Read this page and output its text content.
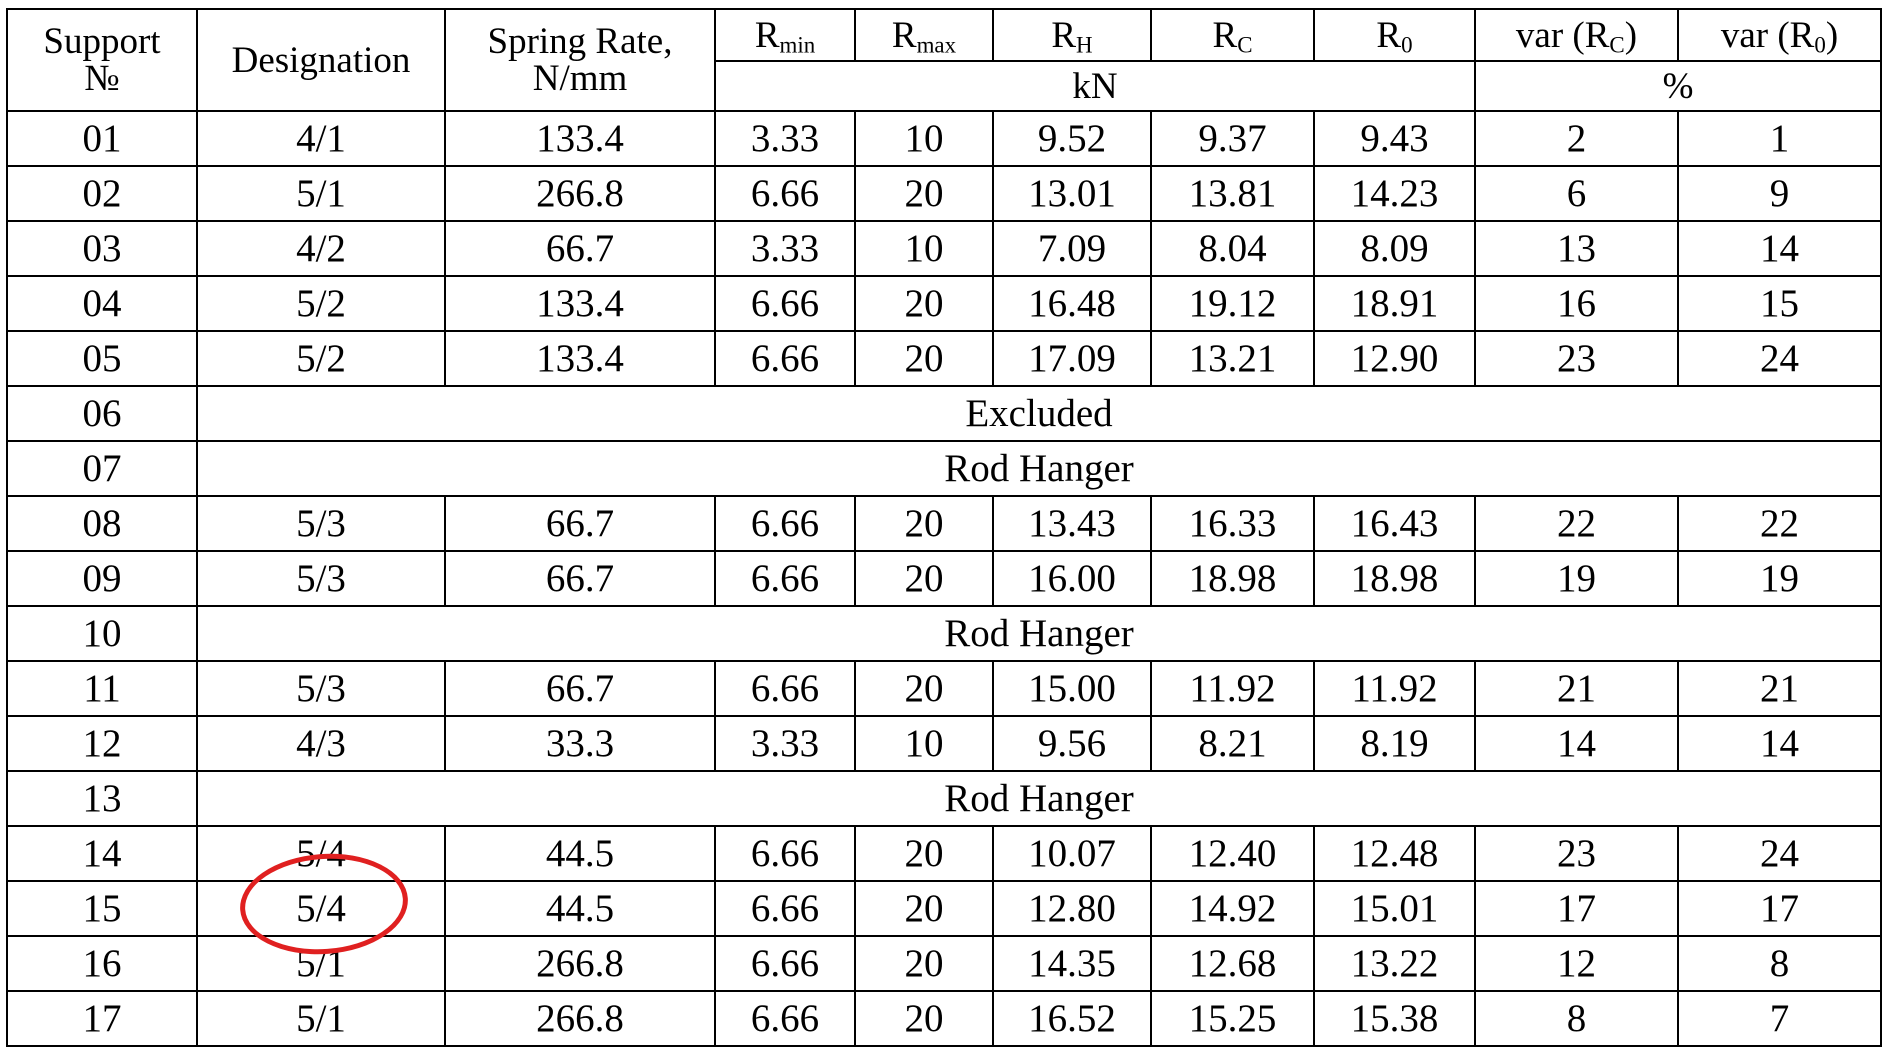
Support №	Designation	Spring Rate, N/mm	$R_{min}$	$R_{max}$	$R_H$	$R_C$	$R_0$	var $(R_C)$	var $(R_0)$
			kN					%	
01	4/1	133.4	3.33	10	9.52	9.37	9.43	2	1
02	5/1	266.8	6.66	20	13.01	13.81	14.23	6	9
03	4/2	66.7	3.33	10	7.09	8.04	8.09	13	14
04	5/2	133.4	6.66	20	16.48	19.12	18.91	16	15
05	5/2	133.4	6.66	20	17.09	13.21	12.90	23	24
06	Excluded								
07	Rod Hanger								
08	5/3	66.7	6.66	20	13.43	16.33	16.43	22	22
09	5/3	66.7	6.66	20	16.00	18.98	18.98	19	19
10	Rod Hanger								
11	5/3	66.7	6.66	20	15.00	11.92	11.92	21	21
12	4/3	33.3	3.33	10	9.56	8.21	8.19	14	14
13	Rod Hanger								
14	5/4	44.5	6.66	20	10.07	12.40	12.48	23	24
15	5/4	44.5	6.66	20	12.80	14.92	15.01	17	17
16	5/1	266.8	6.66	20	14.35	12.68	13.22	12	8
17	5/1	266.8	6.66	20	16.52	15.25	15.38	8	7
